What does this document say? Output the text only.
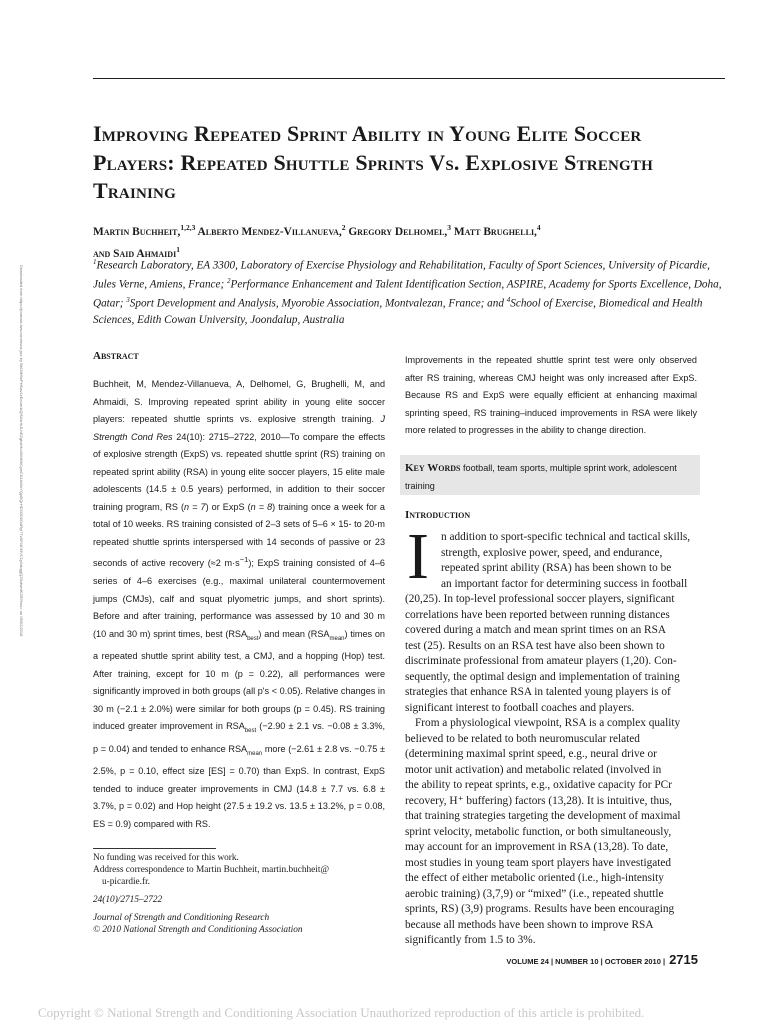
Downloaded from https://journals.lww.com/nsca-jscr by BhDMf5ePHKav1zEoum1tQfN4a+kJLhEZgbsIHo4XMi0hCywCX1AWnYQp/IlQrHD3i3D0OdRyi7TvSFl4Cf3VC1y0abggQZXdtwnfKZBYtws= on 05/02/2018
Improving Repeated Sprint Ability in Young Elite Soccer Players: Repeated Shuttle Sprints Vs. Explosive Strength Training
Martin Buchheit,$^{1,2,3}$ Alberto Mendez-Villanueva,$^2$ Gregory Delhomel,$^3$ Matt Brughelli,$^4$
and Said Ahmaidi$^1$
$^1$Research Laboratory, EA 3300, Laboratory of Exercise Physiology and Rehabilitation, Faculty of Sport Sciences, University of Picardie, Jules Verne, Amiens, France; $^2$Performance Enhancement and Talent Identification Section, ASPIRE, Academy for Sports Excellence, Doha, Qatar; $^3$Sport Development and Analysis, Myorobie Association, Montvalezan, France; and $^4$School of Exercise, Biomedical and Health Sciences, Edith Cowan University, Joondalup, Australia
Abstract

Buchheit, M, Mendez-Villanueva, A, Delhomel, G, Brughelli, M, and Ahmaidi, S. Improving repeated sprint ability in young elite soccer players: repeated shuttle sprints vs. explosive strength training. J Strength Cond Res 24(10): 2715–2722, 2010—To compare the effects of explosive strength (ExpS) vs. repeated shuttle sprint (RS) training on repeated sprint ability (RSA) in young elite soccer players, 15 elite male adolescents (14.5 ± 0.5 years) performed, in addition to their soccer training program, RS (n = 7) or ExpS (n = 8) training once a week for a total of 10 weeks. RS training consisted of 2–3 sets of 5–6 × 15- to 20-m repeated shuttle sprints interspersed with 14 seconds of passive or 23 seconds of active recovery (≈2 $m\cdot s^{-1}$); ExpS training consisted of 4–6 series of 4–6 exercises (e.g., maximal unilateral countermovement jumps (CMJs), calf and squat plyometric jumps, and short sprints). Before and after training, performance was assessed by 10 and 30 m (10 and 30 m) sprint times, best $(RSA_{best})$ and mean $(RSA_{mean})$ times on a repeated shuttle sprint ability test, a CMJ, and a hopping (Hop) test. After training, except for 10 m (p = 0.22), all performances were significantly improved in both groups (all p's < 0.05). Relative changes in 30 m (−2.1 ± 2.0%) were similar for both groups (p = 0.45). RS training induced greater improvement in $RSA_{best}$ (−2.90 ± 2.1 vs. −0.08 ± 3.3%, p = 0.04) and tended to enhance $RSA_{mean}$ more (−2.61 ± 2.8 vs. −0.75 ± 2.5%, p = 0.10, effect size [ES] = 0.70) than ExpS. In contrast, ExpS tended to induce greater improvements in CMJ (14.8 ± 7.7 vs. 6.8 ± 3.7%, p = 0.02) and Hop height (27.5 ± 19.2 vs. 13.5 ± 13.2%, p = 0.08, ES = 0.9) compared with RS.

Improvements in the repeated shuttle sprint test were only observed after RS training, whereas CMJ height was only increased after ExpS. Because RS and ExpS were equally efficient at enhancing maximal sprinting speed, RS training–induced improvements in RSA were likely more related to progresses in the ability to change direction.

Key Words football, team sports, multiple sprint work, adolescent training
Introduction
I n addition to sport-specific technical and tactical skills,
strength, explosive power, speed, and endurance,
repeated sprint ability (RSA) has been shown to be
an important factor for determining success in football
(20,25). In top-level professional soccer players, significant
correlations have been reported between running distances
covered during a match and mean sprint times on an RSA
test (25). Results on an RSA test have also been shown to
discriminate professional from amateur players (1,20). Con-
sequently, the optimal design and implementation of training
strategies that enhance RSA in talented young players is of
significant interest to football coaches and players.
From a physiological viewpoint, RSA is a complex quality
believed to be related to both neuromuscular related
(determining maximal sprint speed, e.g., neural drive or
motor unit activation) and metabolic related (involved in
the ability to repeat sprints, e.g., oxidative capacity for PCr
recovery, H⁺ buffering) factors (13,28). It is intuitive, thus,
that training strategies targeting the development of maximal
sprint velocity, metabolic function, or both simultaneously,
may account for an improvement in RSA (13,28). To date,
most studies in young team sport players have investigated
the effect of either metabolic oriented (i.e., high-intensity
aerobic training) (3,7,9) or “mixed” (i.e., repeated shuttle
sprints, RS) (3,9) programs. Results have been encouraging
because all methods have been shown to improve RSA
significantly from 1.5 to 3%.
No funding was received for this work.
Address correspondence to Martin Buchheit, martin.buchheit@
u-picardie.fr.
24(10)/2715–2722
Journal of Strength and Conditioning Research
© 2010 National Strength and Conditioning Association
VOLUME 24 | NUMBER 10 | OCTOBER 2010 | 2715
Copyright © National Strength and Conditioning Association Unauthorized reproduction of this article is prohibited.
